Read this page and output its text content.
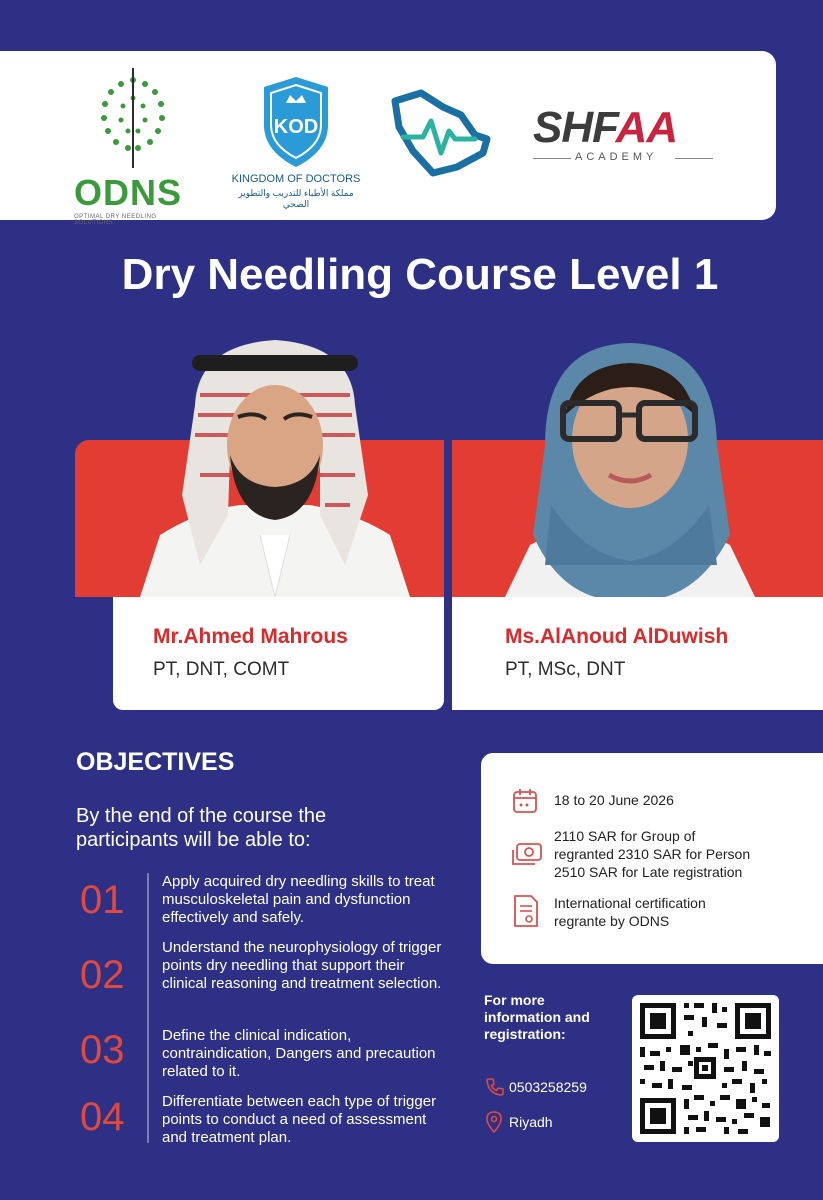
ODNS
OPTIMAL DRY NEEDLING SOLUTIONS
KOD
KINGDOM OF DOCTORS
مملكة الأطباء للتدريب والتطوير الصحي
SHFAA
ACADEMY
Dry Needling Course Level 1
Mr.Ahmed Mahrous
PT, DNT, COMT
Ms.AlAnoud AlDuwish
PT, MSc, DNT
OBJECTIVES
By the end of the course the participants will be able to:
01	Apply acquired dry needling skills to treat musculoskeletal pain and dysfunction effectively and safely.
02
Understand the neurophysiology of trigger points dry needling that support their clinical reasoning and treatment selection.
03	Define the clinical indication, contraindication, Dangers and precaution related to it.
04	Differentiate between each type of trigger points to conduct a need of assessment and treatment plan.
18 to 20 June 2026
2110 SAR for Group of
regranted 2310 SAR for Person
2510 SAR for Late registration
International certification
regrante by ODNS
For more information and registration:
0503258259
Riyadh
